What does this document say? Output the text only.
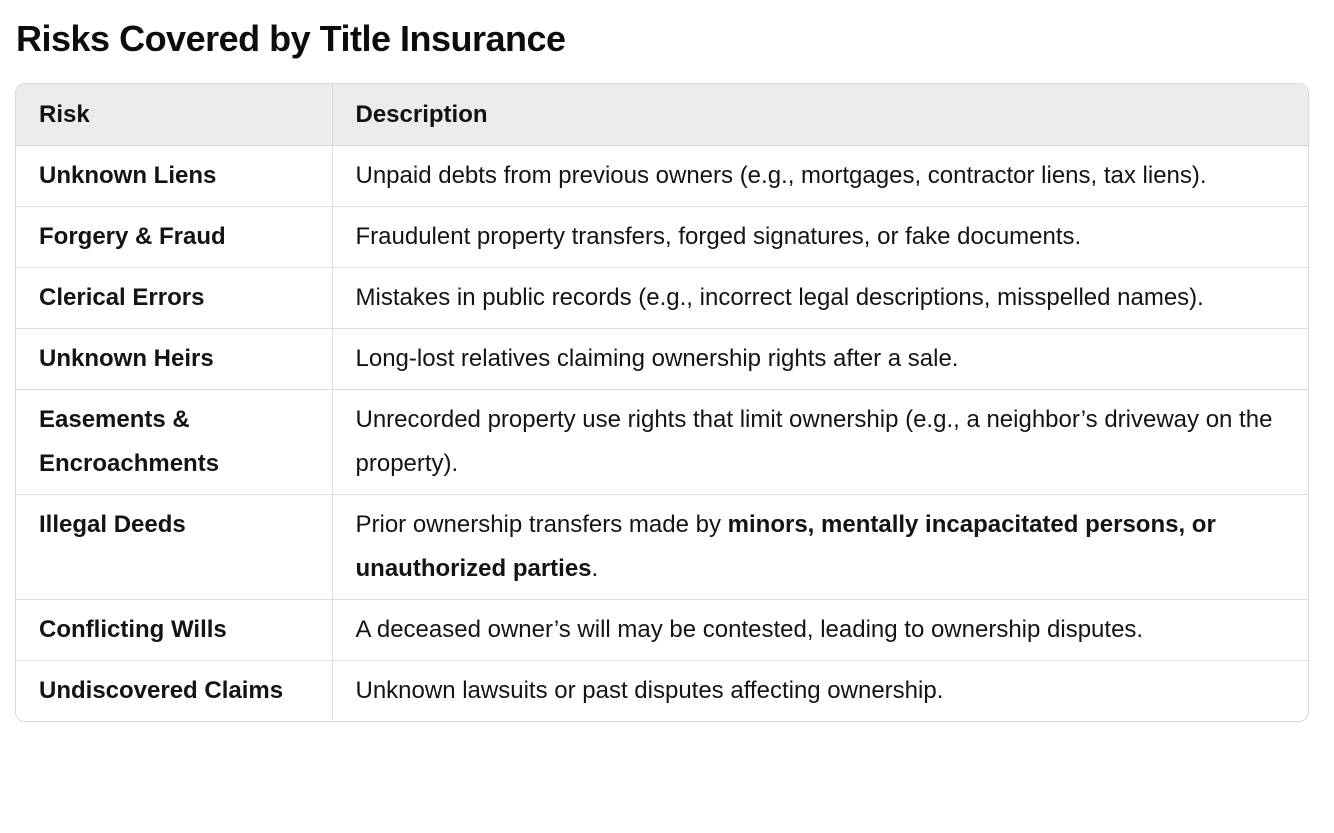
Risks Covered by Title Insurance
Risk	Description
Unknown Liens	Unpaid debts from previous owners (e.g., mortgages, contractor liens, tax liens).
Forgery & Fraud	Fraudulent property transfers, forged signatures, or fake documents.
Clerical Errors	Mistakes in public records (e.g., incorrect legal descriptions, misspelled names).
Unknown Heirs	Long-lost relatives claiming ownership rights after a sale.
Easements & Encroachments	Unrecorded property use rights that limit ownership (e.g., a neighbor’s driveway on the property).
Illegal Deeds	Prior ownership transfers made by minors, mentally incapacitated persons, or unauthorized parties.
Conflicting Wills	A deceased owner’s will may be contested, leading to ownership disputes.
Undiscovered Claims	Unknown lawsuits or past disputes affecting ownership.
